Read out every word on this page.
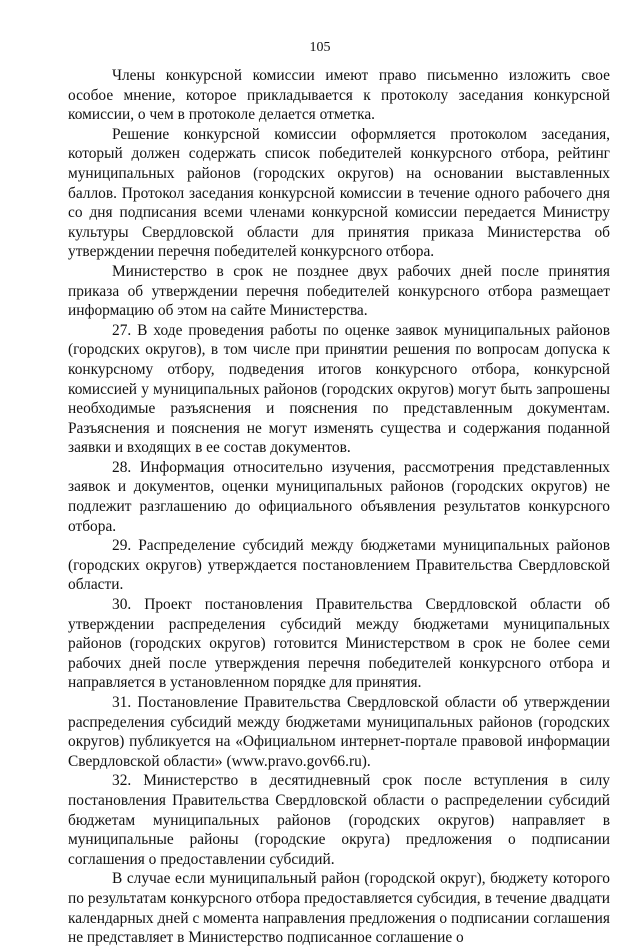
105

Члены конкурсной комиссии имеют право письменно изложить свое особое мнение, которое прикладывается к протоколу заседания конкурсной комиссии, о чем в протоколе делается отметка.

Решение конкурсной комиссии оформляется протоколом заседания, который должен содержать список победителей конкурсного отбора, рейтинг муниципальных районов (городских округов) на основании выставленных баллов. Протокол заседания конкурсной комиссии в течение одного рабочего дня со дня подписания всеми членами конкурсной комиссии передается Министру культуры Свердловской области для принятия приказа Министерства об утверждении перечня победителей конкурсного отбора.

Министерство в срок не позднее двух рабочих дней после принятия приказа об утверждении перечня победителей конкурсного отбора размещает информацию об этом на сайте Министерства.

27. В ходе проведения работы по оценке заявок муниципальных районов (городских округов), в том числе при принятии решения по вопросам допуска к конкурсному отбору, подведения итогов конкурсного отбора, конкурсной комиссией у муниципальных районов (городских округов) могут быть запрошены необходимые разъяснения и пояснения по представленным документам. Разъяснения и пояснения не могут изменять существа и содержания поданной заявки и входящих в ее состав документов.

28. Информация относительно изучения, рассмотрения представленных заявок и документов, оценки муниципальных районов (городских округов) не подлежит разглашению до официального объявления результатов конкурсного отбора.

29. Распределение субсидий между бюджетами муниципальных районов (городских округов) утверждается постановлением Правительства Свердловской области.

30. Проект постановления Правительства Свердловской области об утверждении распределения субсидий между бюджетами муниципальных районов (городских округов) готовится Министерством в срок не более семи рабочих дней после утверждения перечня победителей конкурсного отбора и направляется в установленном порядке для принятия.

31. Постановление Правительства Свердловской области об утверждении распределения субсидий между бюджетами муниципальных районов (городских округов) публикуется на «Официальном интернет-портале правовой информации Свердловской области» (www.pravo.gov66.ru).

32. Министерство в десятидневный срок после вступления в силу постановления Правительства Свердловской области о распределении субсидий бюджетам муниципальных районов (городских округов) направляет в муниципальные районы (городские округа) предложения о подписании соглашения о предоставлении субсидий.

В случае если муниципальный район (городской округ), бюджету которого по результатам конкурсного отбора предоставляется субсидия, в течение двадцати календарных дней с момента направления предложения о подписании соглашения не представляет в Министерство подписанное соглашение о
